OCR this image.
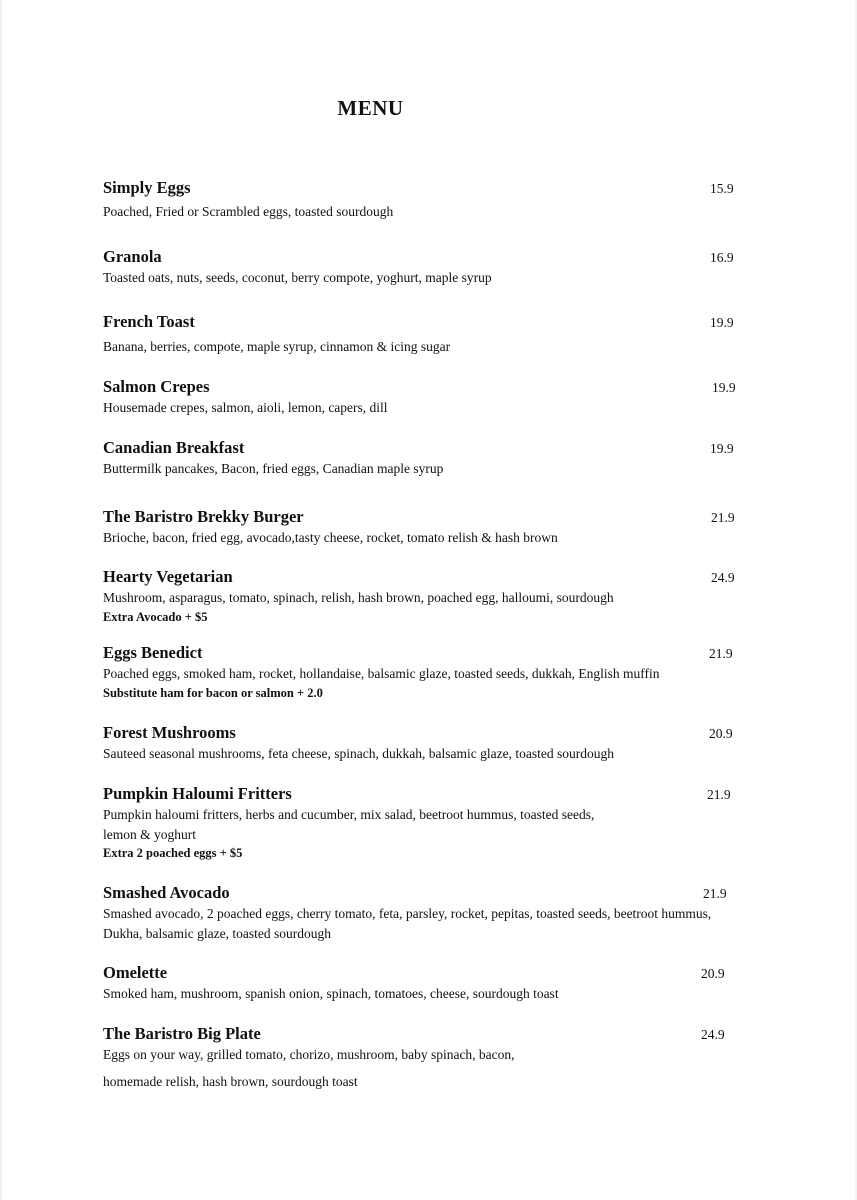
MENU
Simply Eggs	15.9
Poached, Fried or Scrambled eggs, toasted sourdough
Granola	16.9
Toasted oats, nuts, seeds, coconut, berry compote, yoghurt, maple syrup
French Toast	19.9
Banana, berries, compote, maple syrup, cinnamon & icing sugar
Salmon Crepes	19.9
Housemade crepes, salmon, aioli, lemon, capers, dill
Canadian Breakfast	19.9
Buttermilk pancakes, Bacon, fried eggs, Canadian maple syrup
The Baristro Brekky Burger	21.9
Brioche, bacon, fried egg, avocado,tasty cheese, rocket, tomato relish & hash brown
Hearty Vegetarian	24.9
Mushroom, asparagus, tomato, spinach, relish, hash brown, poached egg, halloumi, sourdough
Extra Avocado + $5
Eggs Benedict	21.9
Poached eggs, smoked ham, rocket, hollandaise, balsamic glaze, toasted seeds, dukkah, English muffin
Substitute ham for bacon or salmon + 2.0
Forest Mushrooms	20.9
Sauteed seasonal mushrooms, feta cheese, spinach, dukkah, balsamic glaze, toasted sourdough
Pumpkin Haloumi Fritters	21.9
Pumpkin haloumi fritters, herbs and cucumber, mix salad, beetroot hummus, toasted seeds,
lemon & yoghurt
Extra 2 poached eggs + $5
Smashed Avocado	21.9
Smashed avocado, 2 poached eggs, cherry tomato, feta, parsley, rocket, pepitas, toasted seeds, beetroot hummus,
Dukha, balsamic glaze, toasted sourdough
Omelette	20.9
Smoked ham, mushroom, spanish onion, spinach, tomatoes, cheese, sourdough toast
The Baristro Big Plate	24.9
Eggs on your way, grilled tomato, chorizo, mushroom, baby spinach, bacon,
homemade relish, hash brown, sourdough toast
